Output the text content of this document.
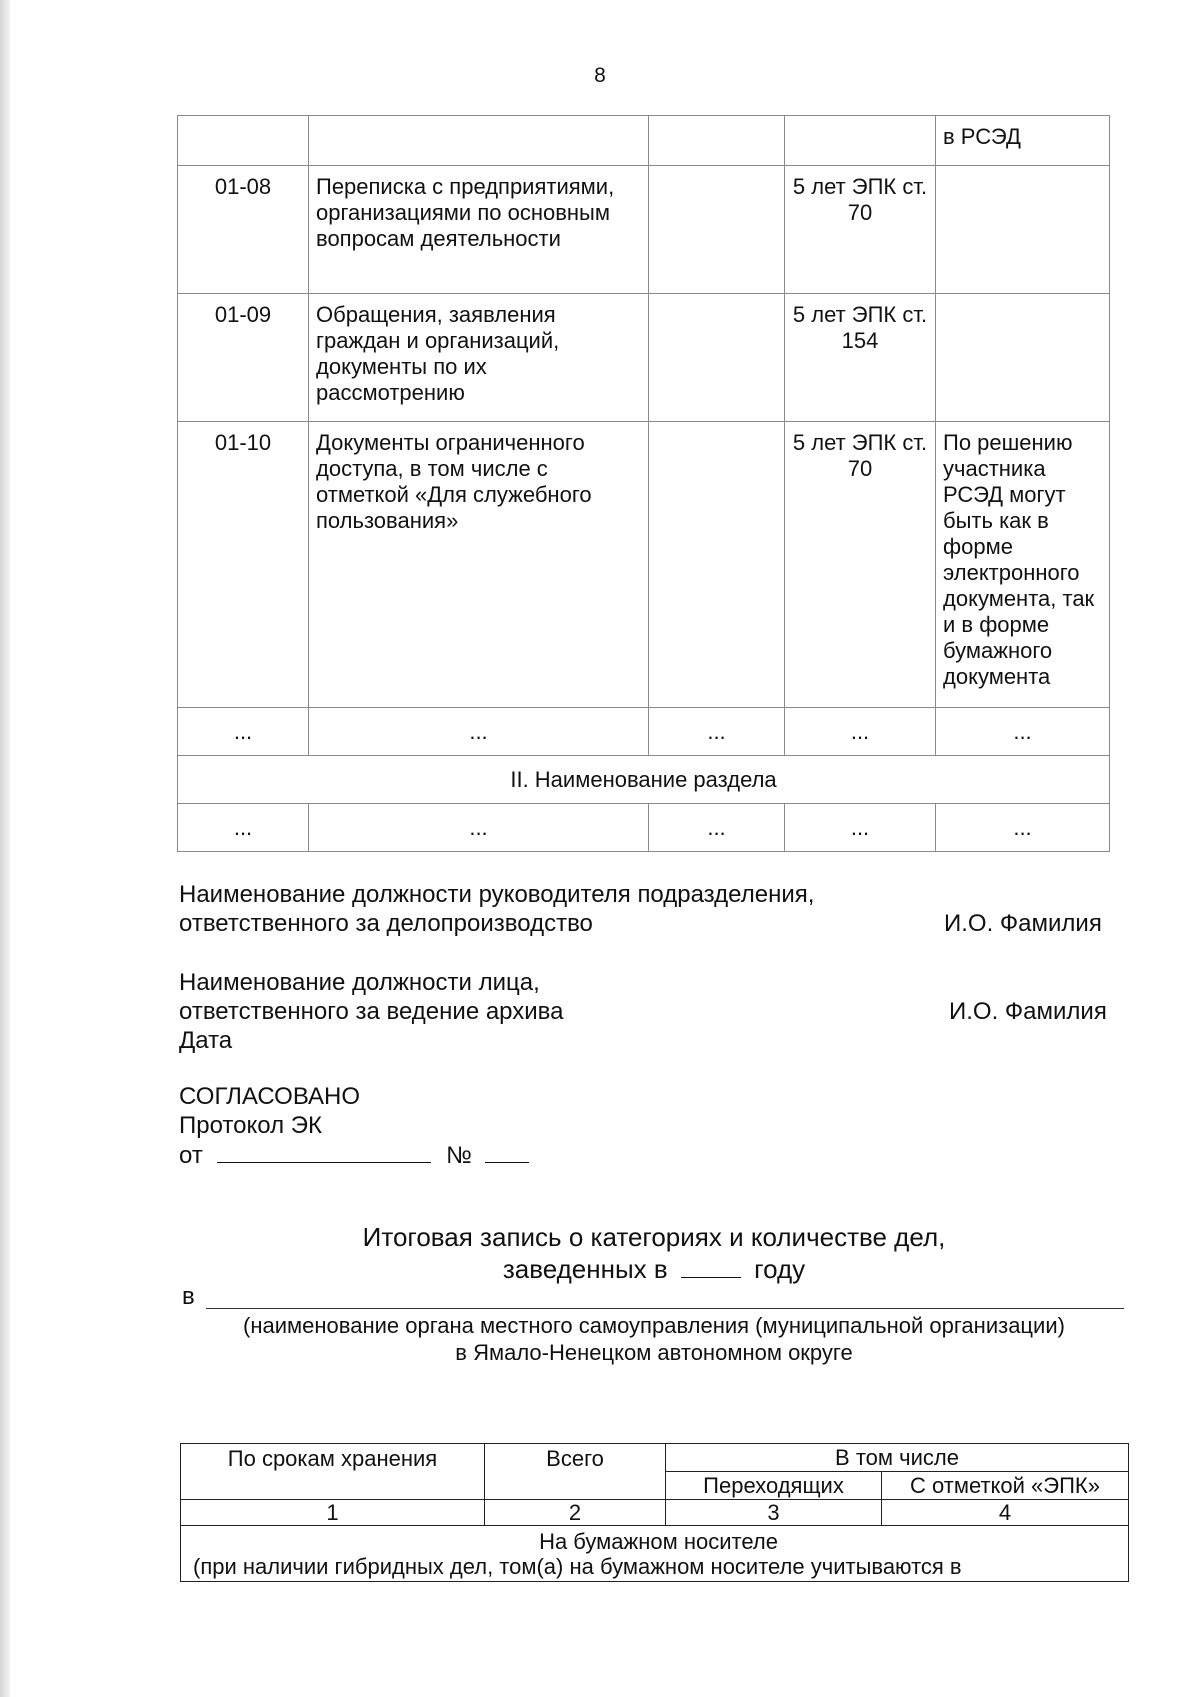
8
				в РСЭД
01-08	Переписка с предприятиями, организациями по основным вопросам деятельности		5 лет ЭПК ст. 70	
01-09	Обращения, заявления граждан и организаций, документы по их рассмотрению		5 лет ЭПК ст. 154	
01-10	Документы ограниченного доступа, в том числе с отметкой «Для служебного пользования»		5 лет ЭПК ст. 70	По решению участника РСЭД могут быть как в форме электронного документа, так и в форме бумажного документа
...	...	...	...	...
II. Наименование раздела				
...	...	...	...	...
Наименование должности руководителя подразделения,
ответственного за делопроизводство	И.О. Фамилия
Наименование должности лица,
ответственного за ведение архива
Дата
И.О. Фамилия
СОГЛАСОВАНО
Протокол ЭК
от	№
Итоговая запись о категориях и количестве дел,
заведенных в	году
в
(наименование органа местного самоуправления (муниципальной организации)
в Ямало-Ненецком автономном округе
По срокам хранения	Всего	В том числе	
		Переходящих	С отметкой «ЭПК»
1	2	3	4

На бумажном носителе
(при наличии гибридных дел, том(а) на бумажном носителе учитываются в			
